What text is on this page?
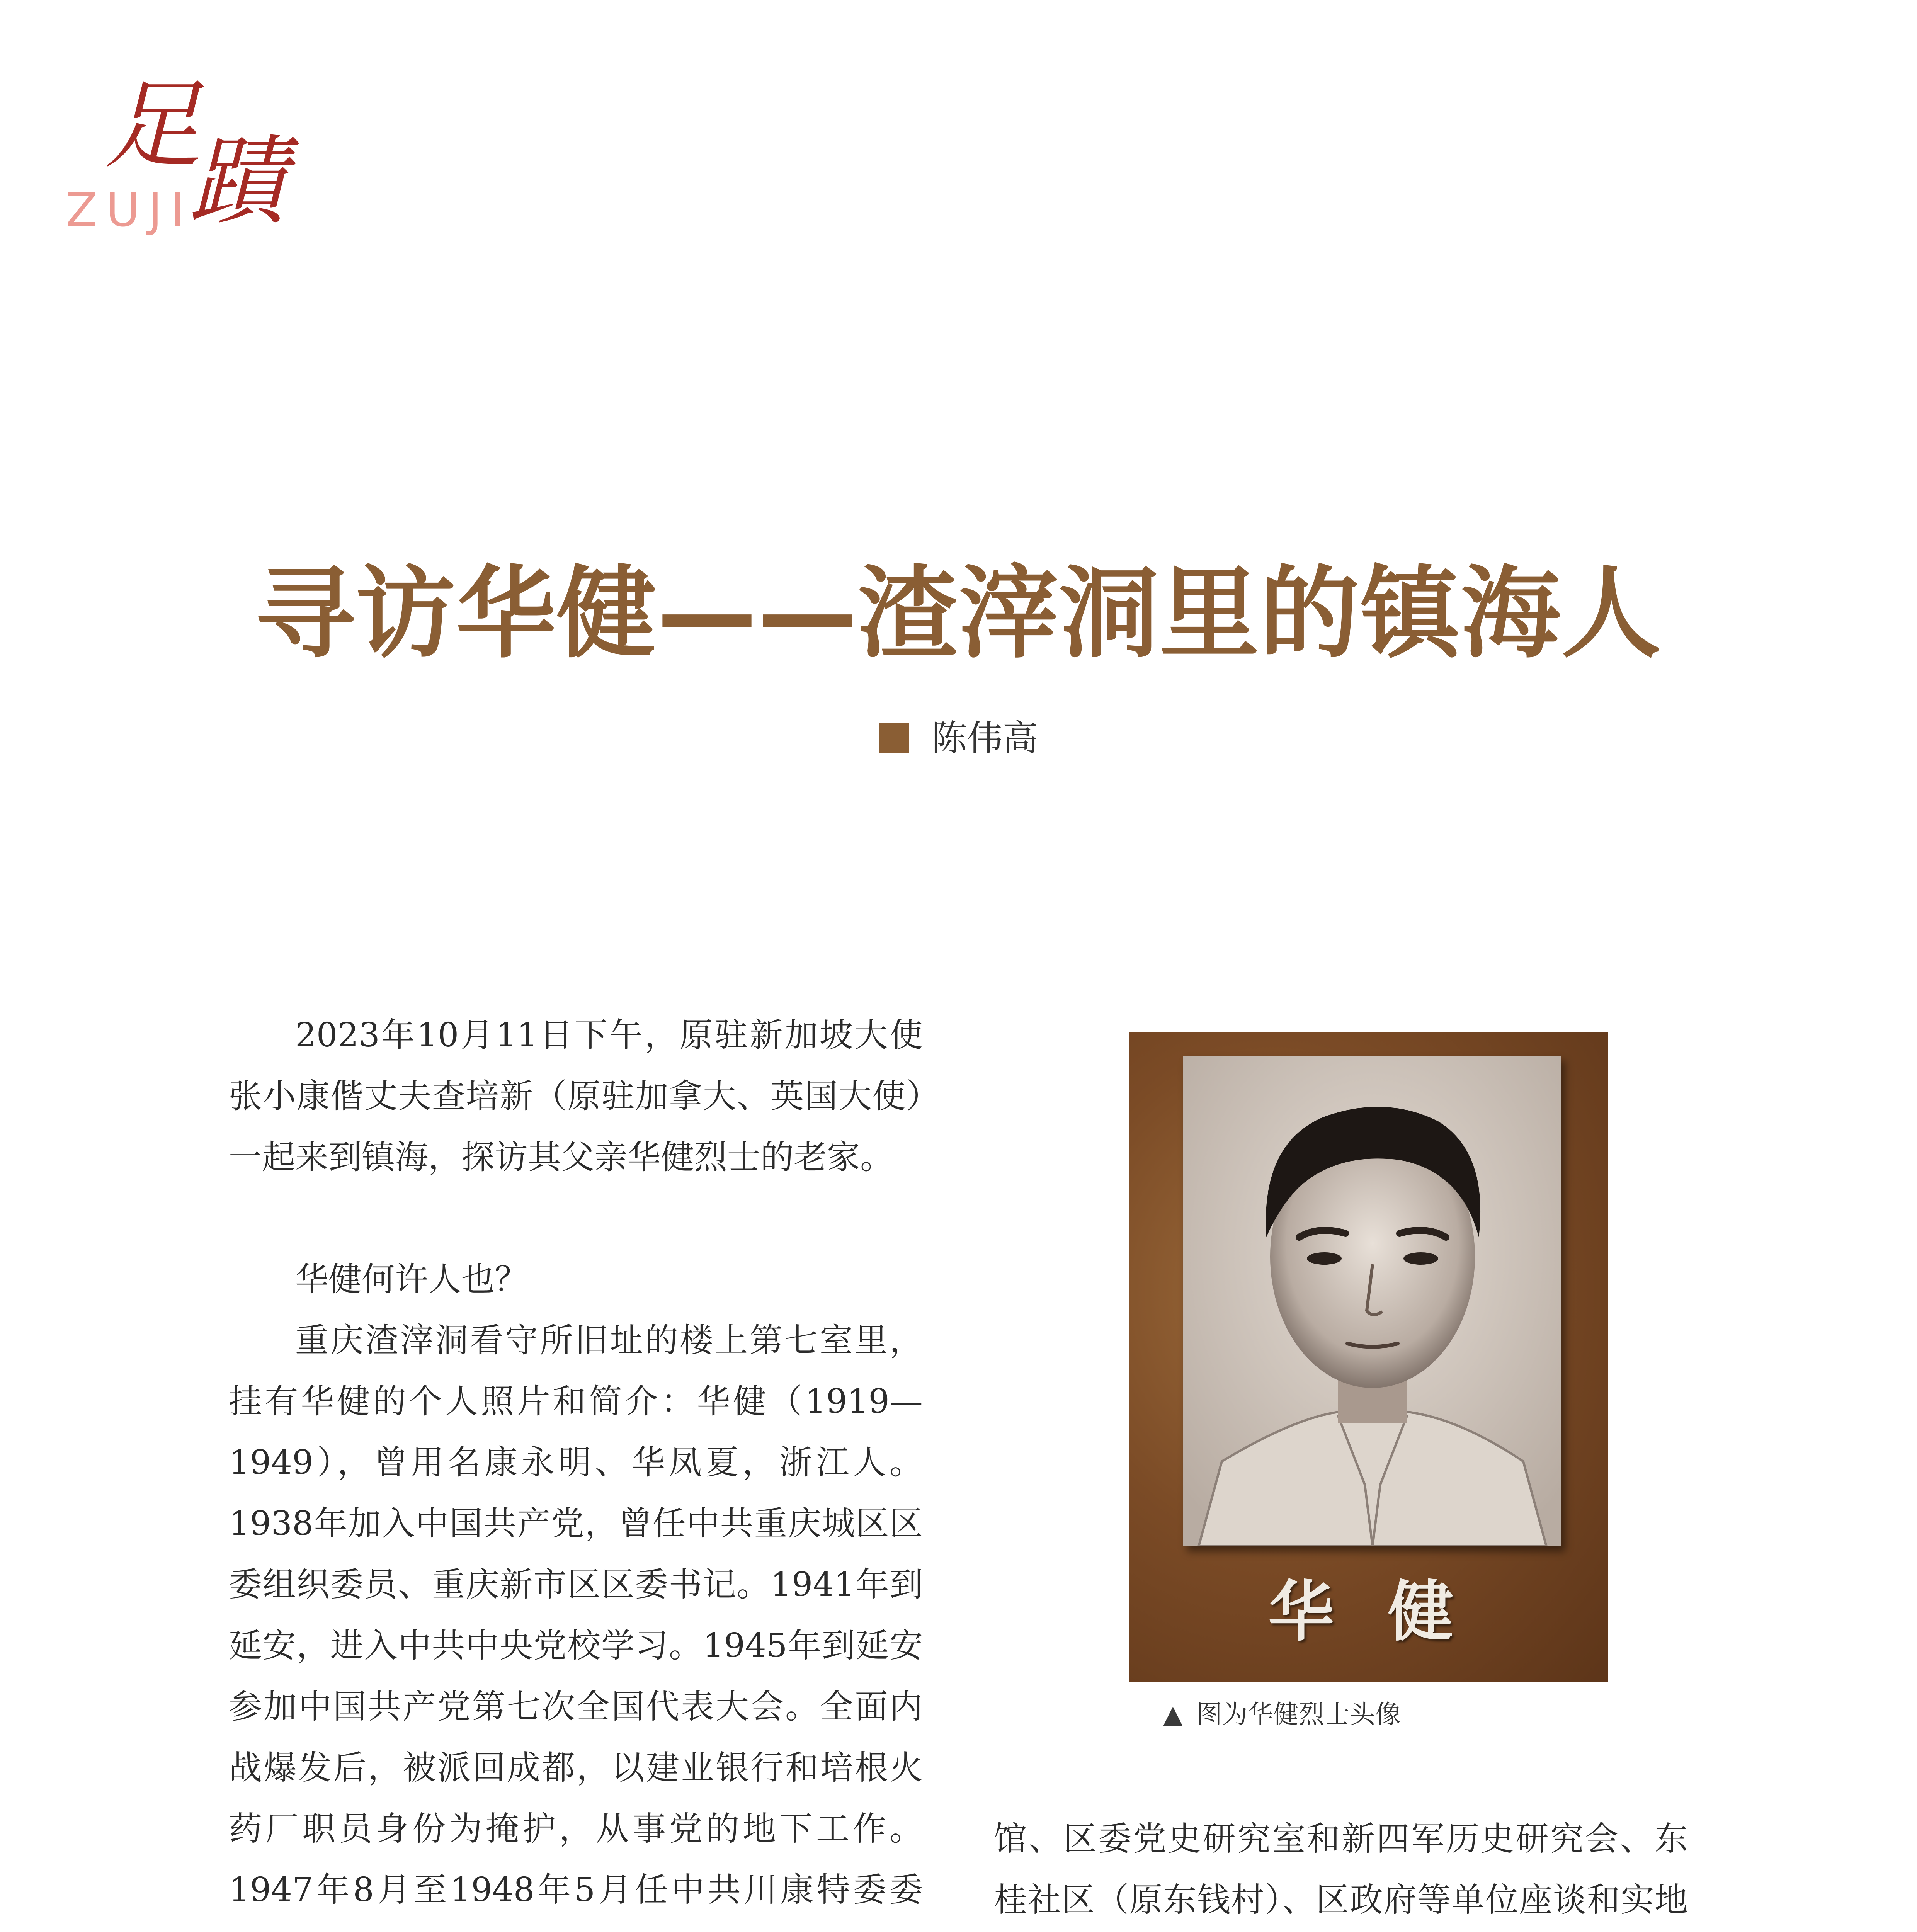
足
蹟
ZUJI
寻访华健——渣滓洞里的镇海人
陈伟高

2023年10月11日下午，原驻新加坡大使张小康偕丈夫查培新（原驻加拿大、英国大使）一起来到镇海，探访其父亲华健烈士的老家。

华健何许人也？

重庆渣滓洞看守所旧址的楼上第七室里，挂有华健的个人照片和简介：华健（1919—1949），曾用名康永明、华凤夏，浙江人。1938年加入中国共产党，曾任中共重庆城区区委组织委员、重庆新市区区委书记。1941年到延安，进入中共中央党校学习。1945年到延安参加中国共产党第七次全国代表大会。全面内战爆发后，被派回成都，以建业银行和培根火药厂职员身份为掩护，从事党的地下工作。1947年8月至1948年5月任中共川康特委委

华 健
▲ 图为华健烈士头像

馆、区委党史研究室和新四军历史研究会、东桂社区（原东钱村）、区政府等单位座谈和实地
